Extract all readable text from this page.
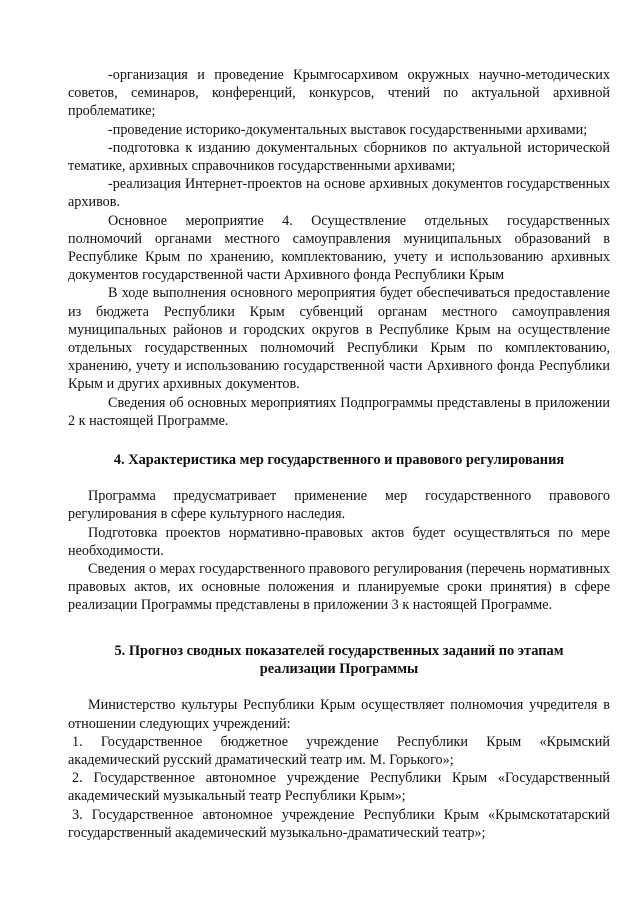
-организация и проведение Крымгосархивом окружных научно-методических советов, семинаров, конференций, конкурсов, чтений по актуальной архивной проблематике;

-проведение историко-документальных выставок государственными архивами;

-подготовка к изданию документальных сборников по актуальной исторической тематике, архивных справочников государственными архивами;

-реализация Интернет-проектов на основе архивных документов государственных архивов.

Основное мероприятие 4. Осуществление отдельных государственных полномочий органами местного самоуправления муниципальных образований в Республике Крым по хранению, комплектованию, учету и использованию архивных документов государственной части Архивного фонда Республики Крым

В ходе выполнения основного мероприятия будет обеспечиваться предоставление из бюджета Республики Крым субвенций органам местного самоуправления муниципальных районов и городских округов в Республике Крым на осуществление отдельных государственных полномочий Республики Крым по комплектованию, хранению, учету и использованию государственной части Архивного фонда Республики Крым и других архивных документов.

Сведения об основных мероприятиях Подпрограммы представлены в приложении 2 к настоящей Программе.

4. Характеристика мер государственного и правового регулирования

Программа предусматривает применение мер государственного правового регулирования в сфере культурного наследия.

Подготовка проектов нормативно-правовых актов будет осуществляться по мере необходимости.

Сведения о мерах государственного правового регулирования (перечень нормативных правовых актов, их основные положения и планируемые сроки принятия) в сфере реализации Программы представлены в приложении 3 к настоящей Программе.

5. Прогноз сводных показателей государственных заданий по этапам
реализации Программы

Министерство культуры Республики Крым осуществляет полномочия учредителя в отношении следующих учреждений:

1. Государственное бюджетное учреждение Республики Крым «Крымский академический русский драматический театр им. М. Горького»;

2. Государственное автономное учреждение Республики Крым «Государственный академический музыкальный театр Республики Крым»;

3. Государственное автономное учреждение Республики Крым «Крымскотатарский государственный академический музыкально-драматический театр»;
